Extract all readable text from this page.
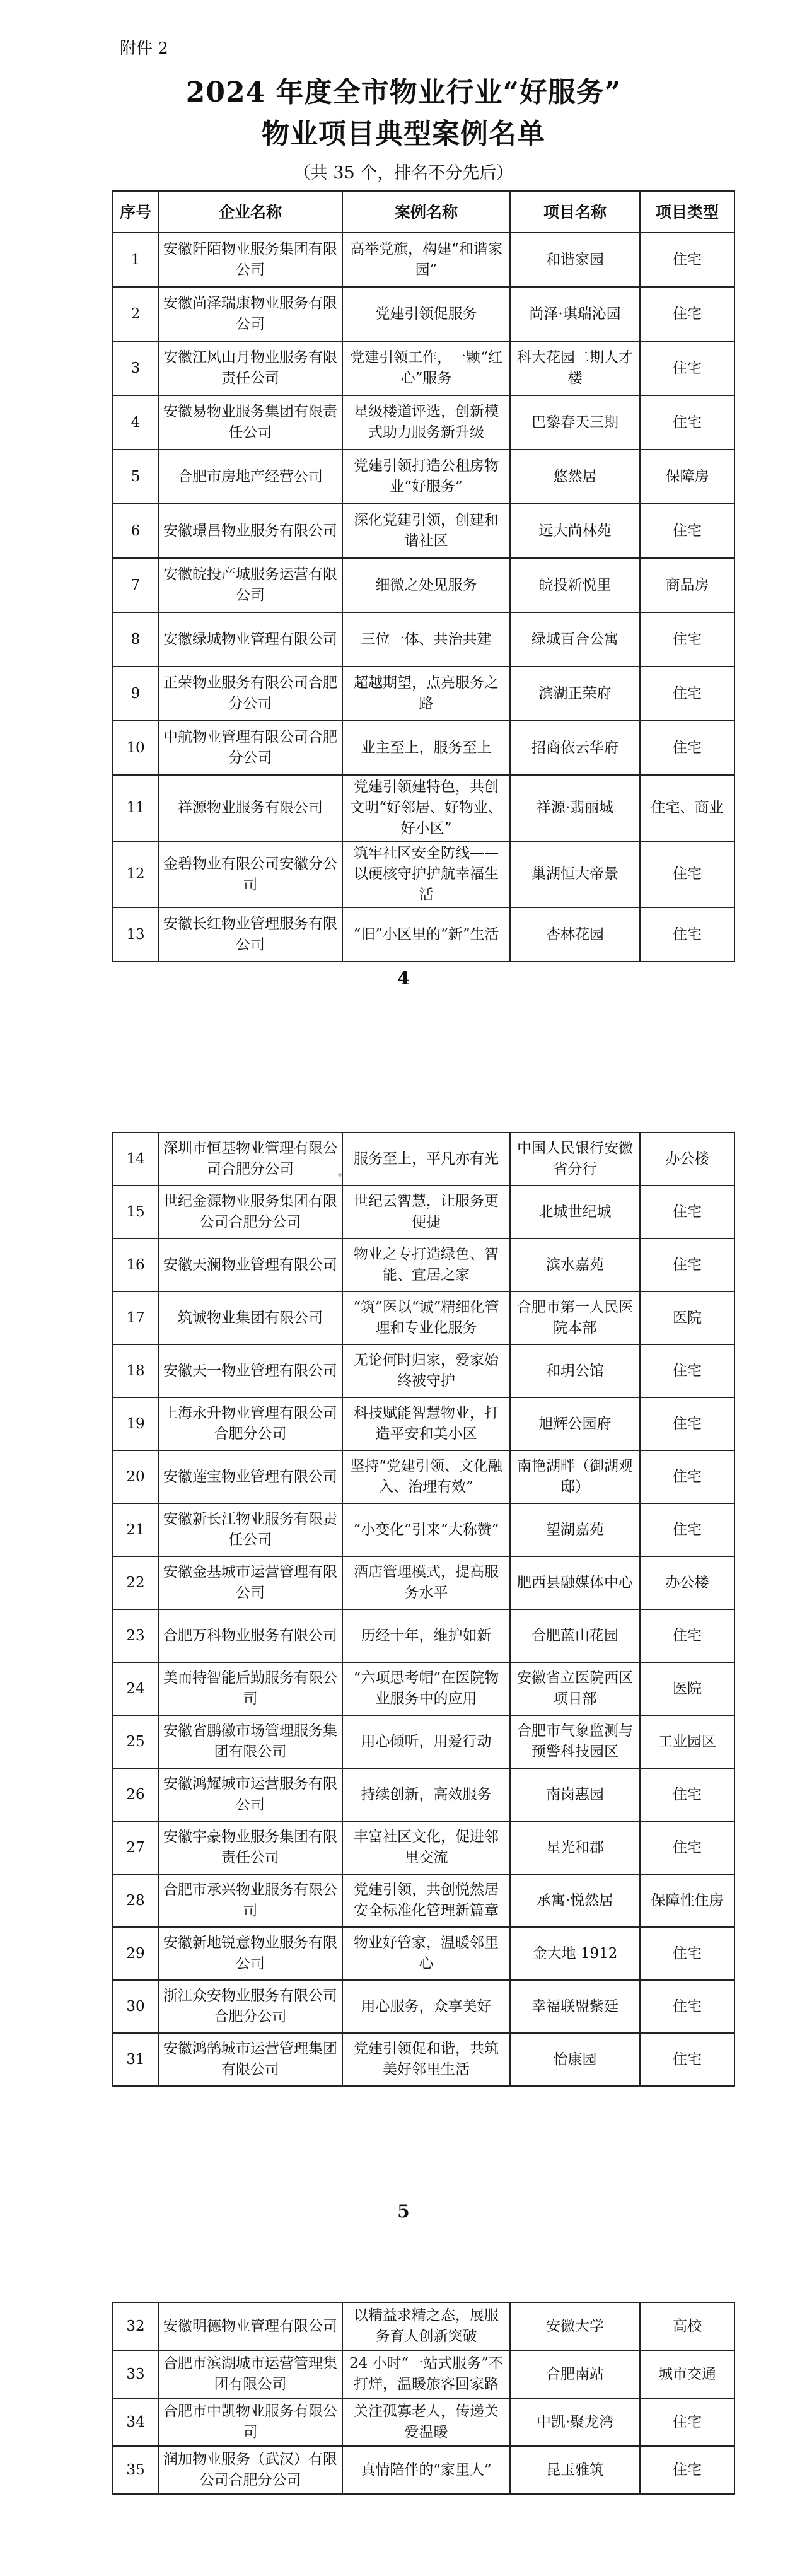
附件 2
2024 年度全市物业行业“好服务”
物业项目典型案例名单
（共 35 个，排名不分先后）
序号	企业名称	案例名称	项目名称	项目类型
1	安徽阡陌物业服务集团有限公司	高举党旗，构建“和谐家园”	和谐家园	住宅
2	安徽尚泽瑞康物业服务有限公司	党建引领促服务	尚泽·琪瑞沁园	住宅
3	安徽江风山月物业服务有限责任公司	党建引领工作，一颗“红心”服务	科大花园二期人才楼	住宅
4	安徽易物业服务集团有限责任公司	星级楼道评选，创新模式助力服务新升级	巴黎春天三期	住宅
5	合肥市房地产经营公司	党建引领打造公租房物业“好服务”	悠然居	保障房
6	安徽璟昌物业服务有限公司	深化党建引领，创建和谐社区	远大尚林苑	住宅
7	安徽皖投产城服务运营有限公司	细微之处见服务	皖投新悦里	商品房
8	安徽绿城物业管理有限公司	三位一体、共治共建	绿城百合公寓	住宅
9	正荣物业服务有限公司合肥分公司	超越期望，点亮服务之路	滨湖正荣府	住宅
10	中航物业管理有限公司合肥分公司	业主至上，服务至上	招商依云华府	住宅
11	祥源物业服务有限公司	党建引领建特色，共创文明“好邻居、好物业、好小区”	祥源·翡丽城	住宅、商业
12	金碧物业有限公司安徽分公司	筑牢社区安全防线——以硬核守护护航幸福生活	巢湖恒大帝景	住宅
13	安徽长红物业管理服务有限公司	“旧”小区里的“新”生活	杏林花园	住宅
4
14	深圳市恒基物业管理有限公司合肥分公司	服务至上，平凡亦有光	中国人民银行安徽省分行	办公楼
15	世纪金源物业服务集团有限公司合肥分公司	世纪云智慧，让服务更便捷	北城世纪城	住宅
16	安徽天澜物业管理有限公司	物业之专打造绿色、智能、宜居之家	滨水嘉苑	住宅
17	筑诚物业集团有限公司	“筑”医以“诚”精细化管理和专业化服务	合肥市第一人民医院本部	医院
18	安徽天一物业管理有限公司	无论何时归家，爱家始终被守护	和玥公馆	住宅
19	上海永升物业管理有限公司合肥分公司	科技赋能智慧物业，打造平安和美小区	旭辉公园府	住宅
20	安徽莲宝物业管理有限公司	坚持“党建引领、文化融入、治理有效”	南艳湖畔（御湖观邸）	住宅
21	安徽新长江物业服务有限责任公司	“小变化”引来“大称赞”	望湖嘉苑	住宅
22	安徽金基城市运营管理有限公司	酒店管理模式，提高服务水平	肥西县融媒体中心	办公楼
23	合肥万科物业服务有限公司	历经十年，维护如新	合肥蓝山花园	住宅
24	美而特智能后勤服务有限公司	“六项思考帽”在医院物业服务中的应用	安徽省立医院西区项目部	医院
25	安徽省鹏徽市场管理服务集团有限公司	用心倾听，用爱行动	合肥市气象监测与预警科技园区	工业园区
26	安徽鸿耀城市运营服务有限公司	持续创新，高效服务	南岗惠园	住宅
27	安徽宇豪物业服务集团有限责任公司	丰富社区文化，促进邻里交流	星光和郡	住宅
28	合肥市承兴物业服务有限公司	党建引领，共创悦然居安全标准化管理新篇章	承寓·悦然居	保障性住房
29	安徽新地锐意物业服务有限公司	物业好管家，温暖邻里心	金大地 1912	住宅
30	浙江众安物业服务有限公司合肥分公司	用心服务，众享美好	幸福联盟紫廷	住宅
31	安徽鸿鹄城市运营管理集团有限公司	党建引领促和谐，共筑美好邻里生活	怡康园	住宅
5
32	安徽明德物业管理有限公司	以精益求精之态，展服务育人创新突破	安徽大学	高校
33	合肥市滨湖城市运营管理集团有限公司	24 小时“一站式服务”不打烊，温暖旅客回家路	合肥南站	城市交通
34	合肥市中凯物业服务有限公司	关注孤寡老人，传递关爱温暖	中凯·聚龙湾	住宅
35	润加物业服务（武汉）有限公司合肥分公司	真情陪伴的“家里人”	昆玉雅筑	住宅
